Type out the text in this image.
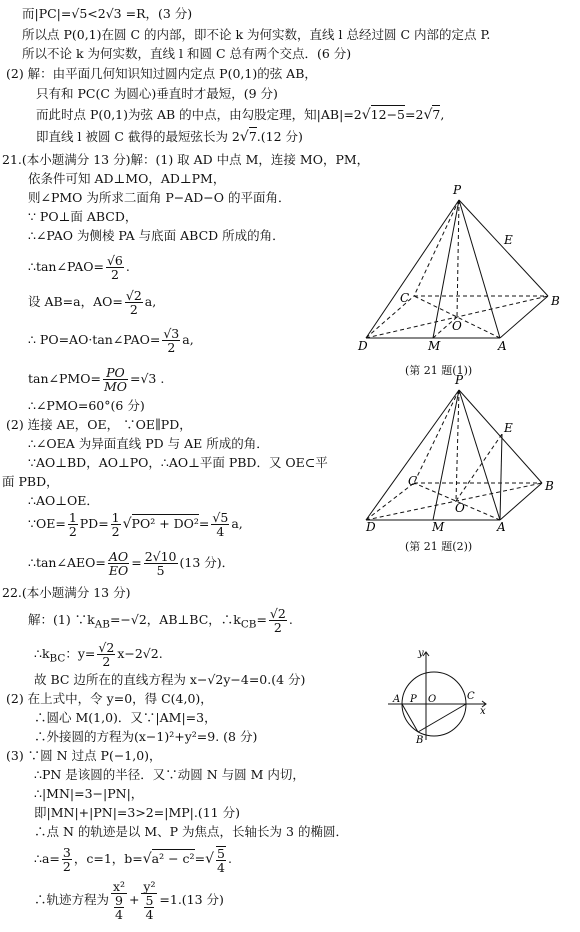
而|PC|=√5<2√3 =R，(3 分)
所以点 P(0,1)在圆 C 的内部，即不论 k 为何实数，直线 l 总经过圆 C 内部的定点 P.
所以不论 k 为何实数，直线 l 和圆 C 总有两个交点．(6 分)
(2) 解：由平面几何知识知过圆内定点 P(0,1)的弦 AB，
只有和 PC(C 为圆心)垂直时才最短，(9 分)
而此时点 P(0,1)为弦 AB 的中点，由勾股定理，知|AB|=2√12−5=2√7,
即直线 l 被圆 C 截得的最短弦长为 2√7.(12 分)
21.(本小题满分 13 分)解：(1) 取 AD 中点 M，连接 MO，PM，
依条件可知 AD⊥MO，AD⊥PM，
则∠PMO 为所求二面角 P−AD−O 的平面角．
∵ PO⊥面 ABCD，
∴∠PAO 为侧棱 PA 与底面 ABCD 所成的角．
∴tan∠PAO= $\frac{√6}{2}$ .
设 AB=a，$AO= \frac{√2}{2} a$,
∴ PO=AO·tan∠PAO= $\frac{√3}{2} a$,
tan∠PMO= $\frac{PO}{MO} =√3$ .
∴∠PMO=60°(6 分)
(2) 连接 AE，OE， ∵OE∥PD，
∴∠OEA 为异面直线 PD 与 AE 所成的角．
∵AO⊥BD，AO⊥PO，∴AO⊥平面 PBD．又 OE⊂平
面 PBD，
∴AO⊥OE．
∵OE= $\frac{1}{2} PD= \frac{1}{2} √PO^2 + DO^2= \frac{√5}{4} a$,
∴tan∠AEO= $\frac{AO}{EO} = \frac{2√10}{5} (13$ 分)．
22.(本小题满分 13 分)
解：(1) $\because k_{AB}=-√2$，AB⊥BC，$\therefore k_{CB}= \frac{√2}{2}$ .
$\therefore k_{BC}$：$y= \frac{√2}{2} x-2√2$.
故 BC 边所在的直线方程为 x−√2y−4=0.(4 分)
(2) 在上式中，令 y=0，得 C(4,0)，
∴圆心 M(1,0)．又∵|AM|=3，
∴外接圆的方程为(x−1)²+y²=9. (8 分)
(3) ∵圆 N 过点 P(−1,0)，
∴PN 是该圆的半径．又∵动圆 N 与圆 M 内切，
∴|MN|=3−|PN|，
即|MN|+|PN|=3>2=|MP|.(11 分)
∴点 N 的轨迹是以 M、P 为焦点，长轴长为 3 的椭圆．
∴a= $\frac{3}{2}$ ，c=1，$b=√a^2 - c^2=√ \frac{5}{4}$ .
∴轨迹方程为 $\frac{\text{x²}}{\frac{9}{4}} + \frac{\text{y²}}{\frac{5}{4}} =1.(13$ 分)
P
E
C	B
O
D	M	A
(第 21 题(1))
P
E
C	B
O
D	M	A
(第 21 题(2))
y
A P O	C
x
B
